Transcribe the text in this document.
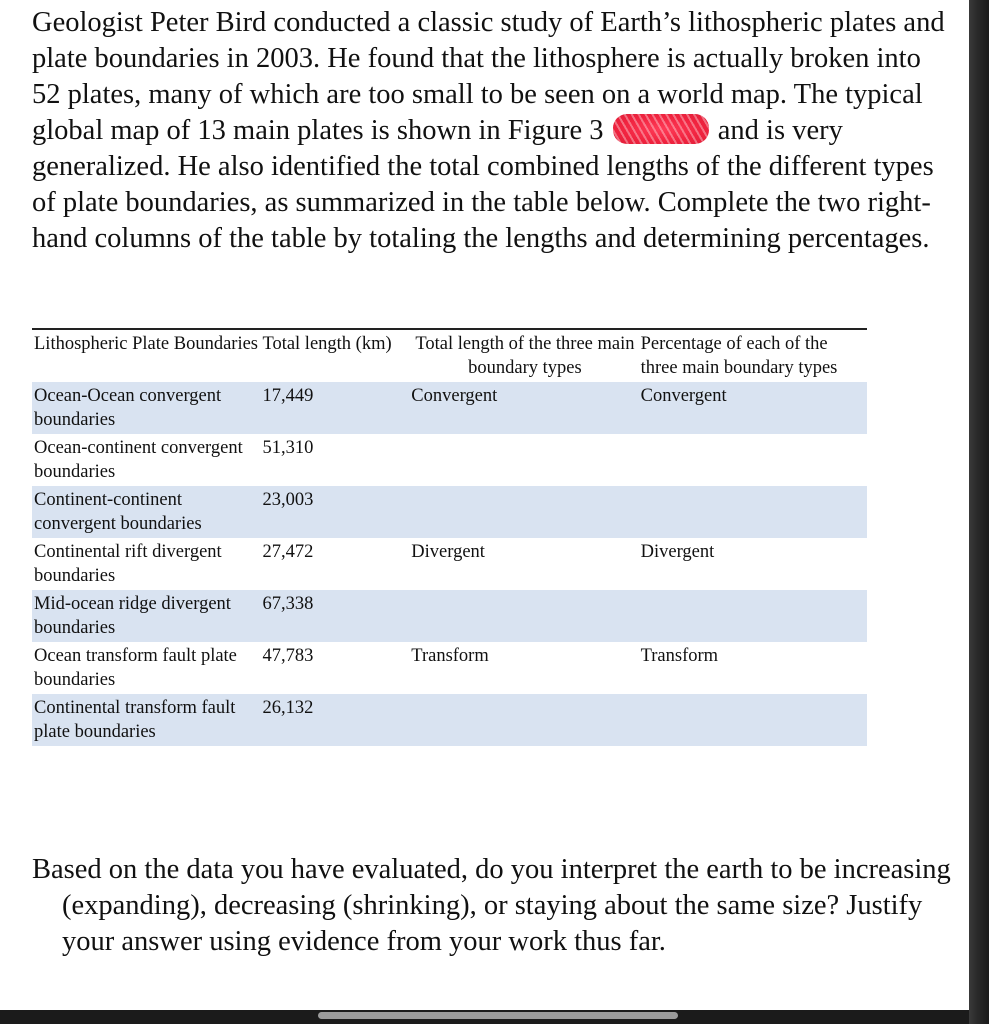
Geologist Peter Bird conducted a classic study of Earth’s lithospheric plates and plate boundaries in 2003. He found that the lithosphere is actually broken into 52 plates, many of which are too small to be seen on a world map. The typical global map of 13 main plates is shown in Figure 3	and is very generalized. He also identified the total combined lengths of the different types of plate boundaries, as summarized in the table below. Complete the two right-hand columns of the table by totaling the lengths and determining percentages.

Lithospheric Plate Boundaries	Total length (km)	Total length of the three main boundary types	Percentage of each of the three main boundary types
Ocean-Ocean convergent boundaries	17,449	Convergent	Convergent
Ocean-continent convergent boundaries	51,310		
Continent-continent convergent boundaries	23,003		
Continental rift divergent boundaries	27,472	Divergent	Divergent
Mid-ocean ridge divergent boundaries	67,338		
Ocean transform fault plate boundaries	47,783	Transform	Transform
Continental transform fault plate boundaries	26,132		

Based on the data you have evaluated, do you interpret the earth to be increasing (expanding), decreasing (shrinking), or staying about the same size? Justify your answer using evidence from your work thus far.
